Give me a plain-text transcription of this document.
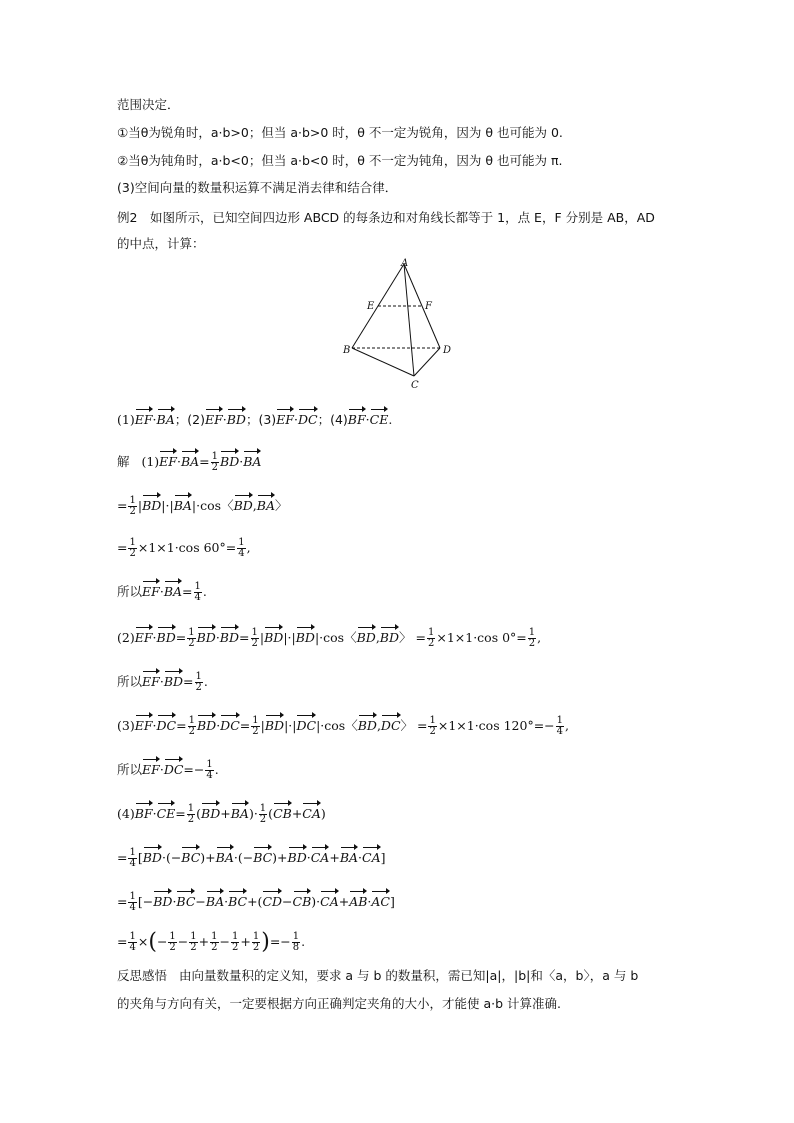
范围决定．
①当θ为锐角时，a·b>0；但当 a·b>0 时，θ 不一定为锐角，因为 θ 也可能为 0.
②当θ为钝角时，a·b<0；但当 a·b<0 时，θ 不一定为钝角，因为 θ 也可能为 π.
(3)空间向量的数量积运算不满足消去律和结合律．
例2　如图所示，已知空间四边形 ABCD 的每条边和对角线长都等于 1，点 E，F 分别是 AB，AD
的中点，计算：
A
E	F
B	D
C
(1)EF·BA；(2)EF·BD；(3)EF·DC；(4)BF·CE.
解 $(1)EF\cdot BA= \frac{1}{2} BD\cdot BA$
= $\frac{1}{2} |BD|\cdot|BA|\cdot\cos$〈BD,BA〉
= $\frac{1}{2} \times 1\times 1\cdot\cos$ $60^\circ= \frac{1}{4}$ ,
所以$EF\cdot BA= \frac{1}{4}$ .
$(2)EF\cdot BD= \frac{1}{2} BD\cdot BD= \frac{1}{2} |BD|\cdot|BD|\cdot\cos$〈BD,BD〉 = $\frac{1}{2} \times 1\times 1\cdot\cos$ $0^\circ= \frac{1}{2}$ ,
所以$EF\cdot BD= \frac{1}{2}$ .
$(3)EF\cdot DC= \frac{1}{2} BD\cdot DC= \frac{1}{2} |BD|\cdot|DC|\cdot\cos$〈BD,DC〉 = $\frac{1}{2} \times 1\times 1\cdot\cos$ $120^\circ=- \frac{1}{4}$ ,
所以$EF\cdot DC=- \frac{1}{4}$ .
$(4)BF\cdot CE= \frac{1}{2} (BD+BA)\cdot \frac{1}{2} (CB+CA)$
= $\frac{1}{4} [BD\cdot(-BC)+BA\cdot(-BC)+BD\cdot CA+BA\cdot CA]$
= $\frac{1}{4} [-BD\cdot BC-BA\cdot BC+(CD-CB)\cdot CA+AB\cdot AC]$
= $\frac{1}{4}$ ×(− $\frac{1}{2} - \frac{1}{2} + \frac{1}{2} - \frac{1}{2} + \frac{1}{2}$ )=− $\frac{1}{8}$ .
反思感悟 由向量数量积的定义知，要求 a 与 b 的数量积，需已知|a|，|b|和〈a，b〉，a 与 b
的夹角与方向有关，一定要根据方向正确判定夹角的大小，才能使 a·b 计算准确.
